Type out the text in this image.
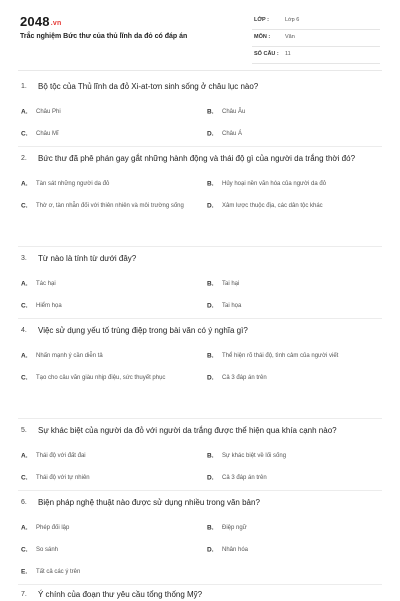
2048.vn
Trắc nghiệm Bức thư của thủ lĩnh da đỏ có đáp án
LỚP :	Lớp 6
MÔN :	Văn
SỐ CÂU : 11
1. Bộ tộc của Thủ lĩnh da đỏ Xi-at-tơn sinh sống ở châu lục nào?
A. Châu Phi	B. Châu Âu
C. Châu Mĩ	D. Châu Á
2. Bức thư đã phê phán gay gắt những hành động và thái độ gì của người da trắng thời đó?
A. Tàn sát những người da đỏ	B. Hủy hoại nền văn hóa của người da đỏ
C. Thờ ơ, tàn nhẫn đối với thiên nhiên và môi trường sống	D. Xâm lược thuộc địa, các dân tộc khác
3. Từ nào là tính từ dưới đây?
A. Tác hại	B. Tai hại
C. Hiểm họa	D. Tai họa
4. Việc sử dụng yếu tố trùng điệp trong bài văn có ý nghĩa gì?
A. Nhấn mạnh ý cần diễn tả	B. Thể hiện rõ thái độ, tình cảm của người viết
C. Tạo cho câu văn giàu nhịp điệu, sức thuyết phục	D. Cả 3 đáp án trên
5. Sự khác biệt của người da đỏ với người da trắng được thể hiện qua khía cạnh nào?
A. Thái độ với đất đai	B. Sự khác biệt về lối sống
C. Thái độ với tự nhiên	D. Cả 3 đáp án trên
6. Biện pháp nghệ thuật nào được sử dụng nhiều trong văn bản?
A. Phép đối lập	B. Điệp ngữ
C. So sánh	D. Nhân hóa
E. Tất cả các ý trên
7. Ý chính của đoạn thư yêu cầu tổng thống Mỹ?
